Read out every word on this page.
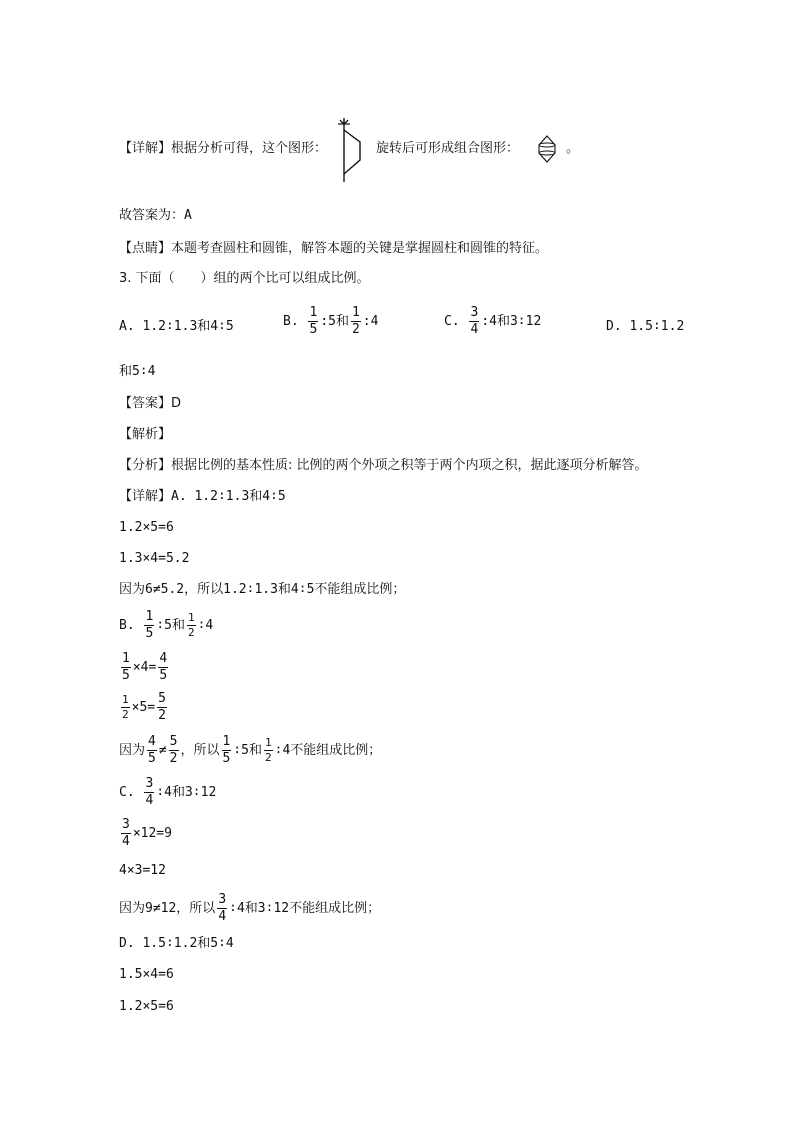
【详解】根据分析可得，这个图形：	旋转后可形成组合图形：	。
故答案为：A
【点睛】本题考查圆柱和圆锥，解答本题的关键是掌握圆柱和圆锥的特征。
3. 下面（　　）组的两个比可以组成比例。
A. 1.2∶1.3和4∶5	B. $\frac{1}{5}$ :5和 $\frac{1}{2}$ :4	C. $\frac{3}{4}$ :4和3∶12	D. 1.5∶1.2
和5∶4
【答案】D
【解析】
【分析】根据比例的基本性质: 比例的两个外项之积等于两个内项之积，据此逐项分析解答。
【详解】A. 1.2∶1.3和4∶5
1.2×5=6
1.3×4=5.2
因为6≠5.2，所以1.2∶1.3和4∶5不能组成比例；
B. $\frac{1}{5}$ ∶5和 $\frac{1}{2}$ ∶4
$\frac{1}{5} \times 4= \frac{4}{5}$
$\frac{1}{2} \times 5= \frac{5}{2}$
因为 $\frac{4}{5} \ne \frac{5}{2}$ ，所以 $\frac{1}{5}$ ∶5和 $\frac{1}{2}$ ∶4不能组成比例；
C. $\frac{3}{4}$ ∶4和3∶12
$\frac{3}{4} \times 12=9$
4×3=12
因为9≠12，所以 $\frac{3}{4}$ ∶4和3∶12不能组成比例；
D. 1.5∶1.2和5∶4
1.5×4=6
1.2×5=6
